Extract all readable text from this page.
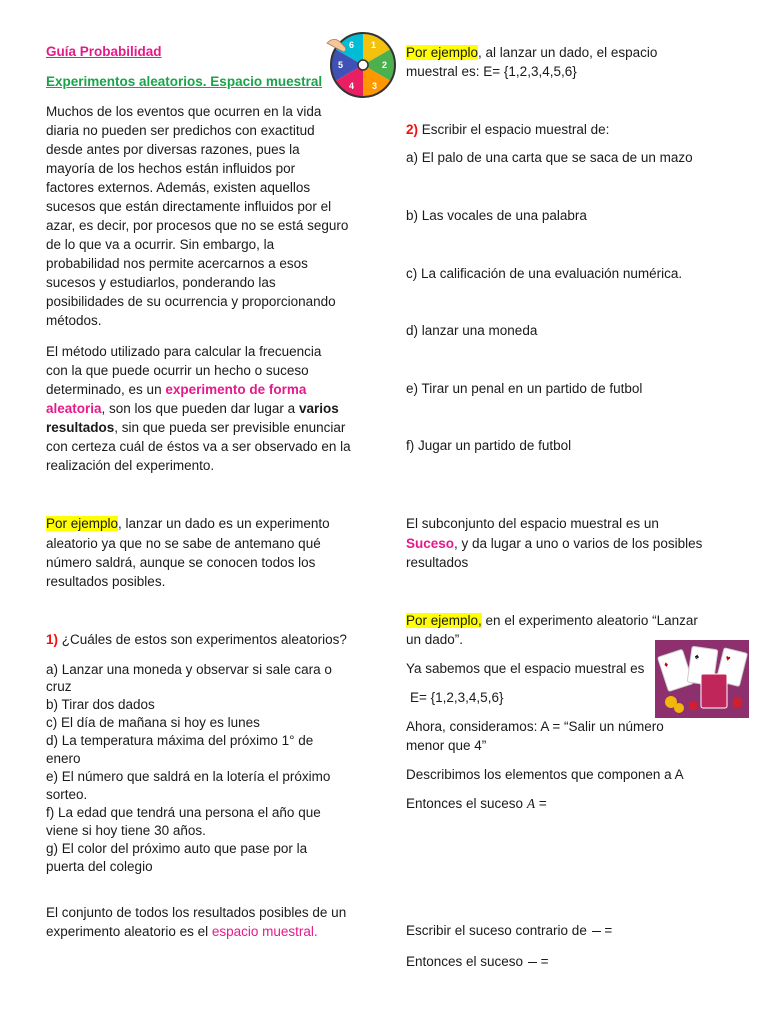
Guía Probabilidad
Experimentos aleatorios. Espacio muestral
Muchos de los eventos que ocurren en la vida
diaria no pueden ser predichos con exactitud
desde antes por diversas razones, pues la
mayoría de los hechos están influidos por
factores externos. Además, existen aquellos
sucesos que están directamente influidos por el
azar, es decir, por procesos que no se está seguro
de lo que va a ocurrir. Sin embargo, la
probabilidad nos permite acercarnos a esos
sucesos y estudiarlos, ponderando las
posibilidades de su ocurrencia y proporcionando
métodos.
El método utilizado para calcular la frecuencia
con la que puede ocurrir un hecho o suceso
determinado, es un experimento de forma
aleatoria, son los que pueden dar lugar a varios
resultados, sin que pueda ser previsible enunciar
con certeza cuál de éstos va a ser observado en la
realización del experimento.
Por ejemplo, lanzar un dado es un experimento
aleatorio ya que no se sabe de antemano qué
número saldrá, aunque se conocen todos los
resultados posibles.
1) ¿Cuáles de estos son experimentos aleatorios?
a) Lanzar una moneda y observar si sale cara o
cruz
b) Tirar dos dados
c) El día de mañana si hoy es lunes
d) La temperatura máxima del próximo 1° de
enero
e) El número que saldrá en la lotería el próximo
sorteo.
f) La edad que tendrá una persona el año que
viene si hoy tiene 30 años.
g) El color del próximo auto que pase por la
puerta del colegio
El conjunto de todos los resultados posibles de un
experimento aleatorio es el espacio muestral.
1
2
3
4
5
6	Por ejemplo, al lanzar un dado, el espacio
muestral es: E= {1,2,3,4,5,6}
2) Escribir el espacio muestral de:
a) El palo de una carta que se saca de un mazo
b) Las vocales de una palabra
c) La calificación de una evaluación numérica.
d) lanzar una moneda
e) Tirar un penal en un partido de futbol
f) Jugar un partido de futbol
El subconjunto del espacio muestral es un
Suceso, y da lugar a uno o varios de los posibles
resultados
Por ejemplo, en el experimento aleatorio “Lanzar
un dado”.
Ya sabemos que el espacio muestral es
E= {1,2,3,4,5,6}
Ahora, consideramos: A = “Salir un número
menor que 4”
Describimos los elementos que componen a A
Entonces el suceso A =
Escribir el suceso contrario de  =
Entonces el suceso  =
♦
♠	♥
